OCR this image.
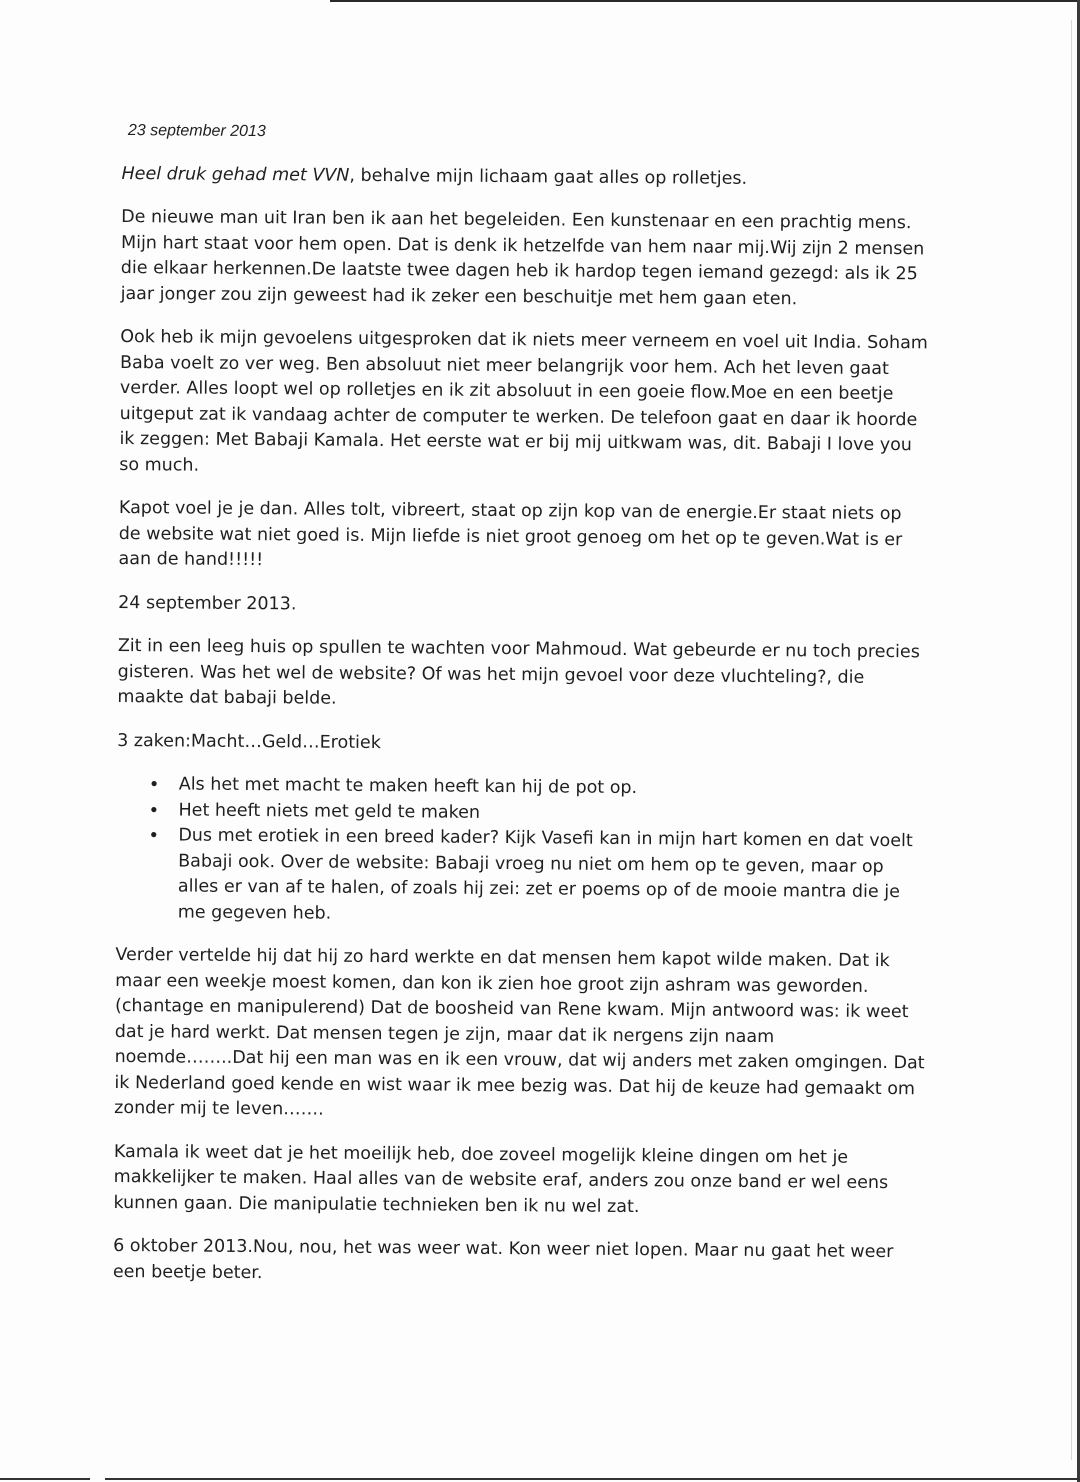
23 september 2013

Heel druk gehad met VVN, behalve mijn lichaam gaat alles op rolletjes.

De nieuwe man uit Iran ben ik aan het begeleiden. Een kunstenaar en een prachtig mens. Mijn hart staat voor hem open. Dat is denk ik hetzelfde van hem naar mij.Wij zijn 2 mensen die elkaar herkennen.De laatste twee dagen heb ik hardop tegen iemand gezegd: als ik 25 jaar jonger zou zijn geweest had ik zeker een beschuitje met hem gaan eten.

Ook heb ik mijn gevoelens uitgesproken dat ik niets meer verneem en voel uit India. Soham Baba voelt zo ver weg. Ben absoluut niet meer belangrijk voor hem. Ach het leven gaat verder. Alles loopt wel op rolletjes en ik zit absoluut in een goeie flow.Moe en een beetje uitgeput zat ik vandaag achter de computer te werken. De telefoon gaat en daar ik hoorde ik zeggen: Met Babaji Kamala. Het eerste wat er bij mij uitkwam was, dit. Babaji I love you so much.

Kapot voel je je dan. Alles tolt, vibreert, staat op zijn kop van de energie.Er staat niets op de website wat niet goed is. Mijn liefde is niet groot genoeg om het op te geven.Wat is er aan de hand!!!!!

24 september 2013.

Zit in een leeg huis op spullen te wachten voor Mahmoud. Wat gebeurde er nu toch precies gisteren. Was het wel de website? Of was het mijn gevoel voor deze vluchteling?, die maakte dat babaji belde.

3 zaken:Macht…Geld…Erotiek

• Als het met macht te maken heeft kan hij de pot op.
• Het heeft niets met geld te maken
• Dus met erotiek in een breed kader? Kijk Vasefi kan in mijn hart komen en dat voelt Babaji ook. Over de website: Babaji vroeg nu niet om hem op te geven, maar op alles er van af te halen, of zoals hij zei: zet er poems op of de mooie mantra die je me gegeven heb.

Verder vertelde hij dat hij zo hard werkte en dat mensen hem kapot wilde maken. Dat ik maar een weekje moest komen, dan kon ik zien hoe groot zijn ashram was geworden. (chantage en manipulerend) Dat de boosheid van Rene kwam. Mijn antwoord was: ik weet dat je hard werkt. Dat mensen tegen je zijn, maar dat ik nergens zijn naam noemde……..Dat hij een man was en ik een vrouw, dat wij anders met zaken omgingen. Dat ik Nederland goed kende en wist waar ik mee bezig was. Dat hij de keuze had gemaakt om zonder mij te leven…….

Kamala ik weet dat je het moeilijk heb, doe zoveel mogelijk kleine dingen om het je makkelijker te maken. Haal alles van de website eraf, anders zou onze band er wel eens kunnen gaan. Die manipulatie technieken ben ik nu wel zat.

6 oktober 2013.Nou, nou, het was weer wat. Kon weer niet lopen. Maar nu gaat het weer een beetje beter.
